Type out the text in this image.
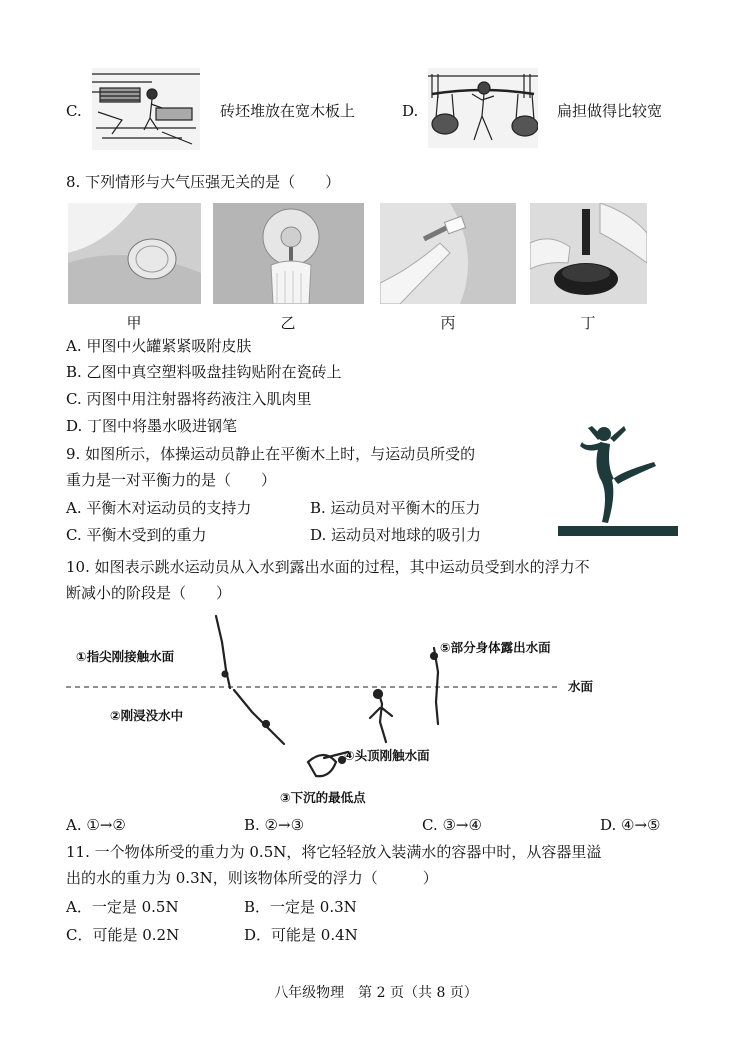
C.	砖坯堆放在宽木板上	D.	扁担做得比较宽
8. 下列情形与大气压强无关的是（　　）
甲	乙	丙	丁
A. 甲图中火罐紧紧吸附皮肤
B. 乙图中真空塑料吸盘挂钩贴附在瓷砖上
C. 丙图中用注射器将药液注入肌肉里
D. 丁图中将墨水吸进钢笔
9. 如图所示，体操运动员静止在平衡木上时，与运动员所受的
重力是一对平衡力的是（　　）
A. 平衡木对运动员的支持力	B. 运动员对平衡木的压力
C. 平衡木受到的重力	D. 运动员对地球的吸引力
10. 如图表示跳水运动员从入水到露出水面的过程，其中运动员受到水的浮力不
断减小的阶段是（　　）
①指尖刚接触水面
②刚浸没水中
③下沉的最低点
④头顶刚触水面
⑤部分身体露出水面
水面
A. ①→②	B. ②→③	C. ③→④	D. ④→⑤
11. 一个物体所受的重力为 0.5N，将它轻轻放入装满水的容器中时，从容器里溢
出的水的重力为 0.3N，则该物体所受的浮力（　　　）
A．一定是 0.5N	B．一定是 0.3N
C．可能是 0.2N	D．可能是 0.4N
八年级物理　第 2 页（共 8 页）
